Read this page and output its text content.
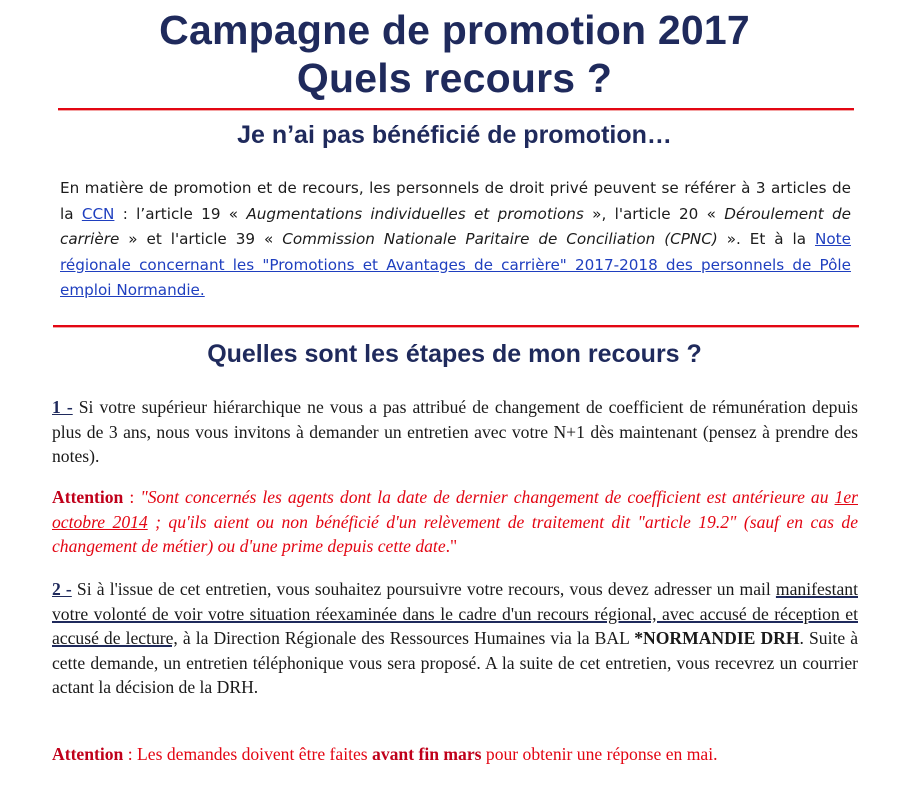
Campagne de promotion 2017
Quels recours ?
Je n’ai pas bénéficié de promotion…
En matière de promotion et de recours, les personnels de droit privé peuvent se référer à 3 articles de la CCN : l’article 19 « Augmentations individuelles et promotions », l'article 20 « Déroulement de carrière » et l'article 39 « Commission Nationale Paritaire de Conciliation (CPNC) ». Et à la Note régionale concernant les "Promotions et Avantages de carrière" 2017-2018 des personnels de Pôle emploi Normandie.
Quelles sont les étapes de mon recours ?
1 - Si votre supérieur hiérarchique ne vous a pas attribué de changement de coefficient de rémunération depuis plus de 3 ans, nous vous invitons à demander un entretien avec votre N+1 dès maintenant (pensez à prendre des notes).
Attention : "Sont concernés les agents dont la date de dernier changement de coefficient est antérieure au 1er octobre 2014 ; qu'ils aient ou non bénéficié d'un relèvement de traitement dit "article 19.2" (sauf en cas de changement de métier) ou d'une prime depuis cette date."
2 - Si à l'issue de cet entretien, vous souhaitez poursuivre votre recours, vous devez adresser un mail manifestant votre volonté de voir votre situation réexaminée dans le cadre d'un recours régional, avec accusé de réception et accusé de lecture, à la Direction Régionale des Ressources Humaines via la BAL *NORMANDIE DRH. Suite à cette demande, un entretien téléphonique vous sera proposé. A la suite de cet entretien, vous recevrez un courrier actant la décision de la DRH.
Attention : Les demandes doivent être faites avant fin mars pour obtenir une réponse en mai.
